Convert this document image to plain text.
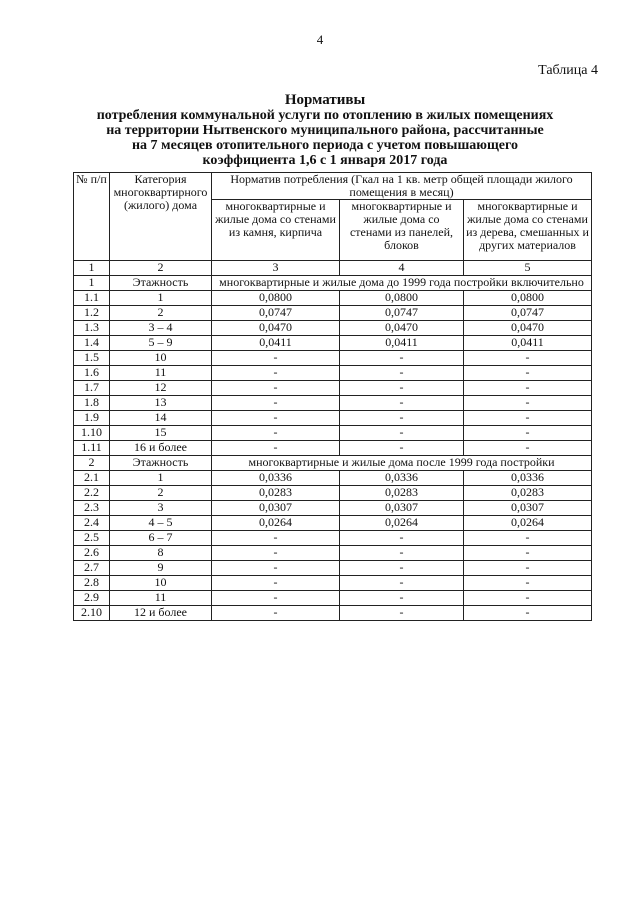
4
Таблица 4
Нормативы
потребления коммунальной услуги по отоплению в жилых помещениях
на территории Нытвенского муниципального района, рассчитанные
на 7 месяцев отопительного периода с учетом повышающего
коэффициента 1,6 с 1 января 2017 года
№ п/п	Категория многоквартирного (жилого) дома	Норматив потребления (Гкал на 1 кв. метр общей площади жилого помещения в месяц)		
		многоквартирные и жилые дома со стенами из камня, кирпича	многоквартирные и жилые дома со стенами из панелей, блоков	многоквартирные и жилые дома со стенами из дерева, смешанных и других материалов
1	2	3	4	5
1	Этажность	многоквартирные и жилые дома до 1999 года постройки включительно		
1.1	1	0,0800	0,0800	0,0800
1.2	2	0,0747	0,0747	0,0747
1.3	3 – 4	0,0470	0,0470	0,0470
1.4	5 – 9	0,0411	0,0411	0,0411
1.5	10	-	-	-
1.6	11	-	-	-
1.7	12	-	-	-
1.8	13	-	-	-
1.9	14	-	-	-
1.10	15	-	-	-
1.11	16 и более	-	-	-
2	Этажность	многоквартирные и жилые дома после 1999 года постройки		
2.1	1	0,0336	0,0336	0,0336
2.2	2	0,0283	0,0283	0,0283
2.3	3	0,0307	0,0307	0,0307
2.4	4 – 5	0,0264	0,0264	0,0264
2.5	6 – 7	-	-	-
2.6	8	-	-	-
2.7	9	-	-	-
2.8	10	-	-	-
2.9	11	-	-	-
2.10	12 и более	-	-	-
